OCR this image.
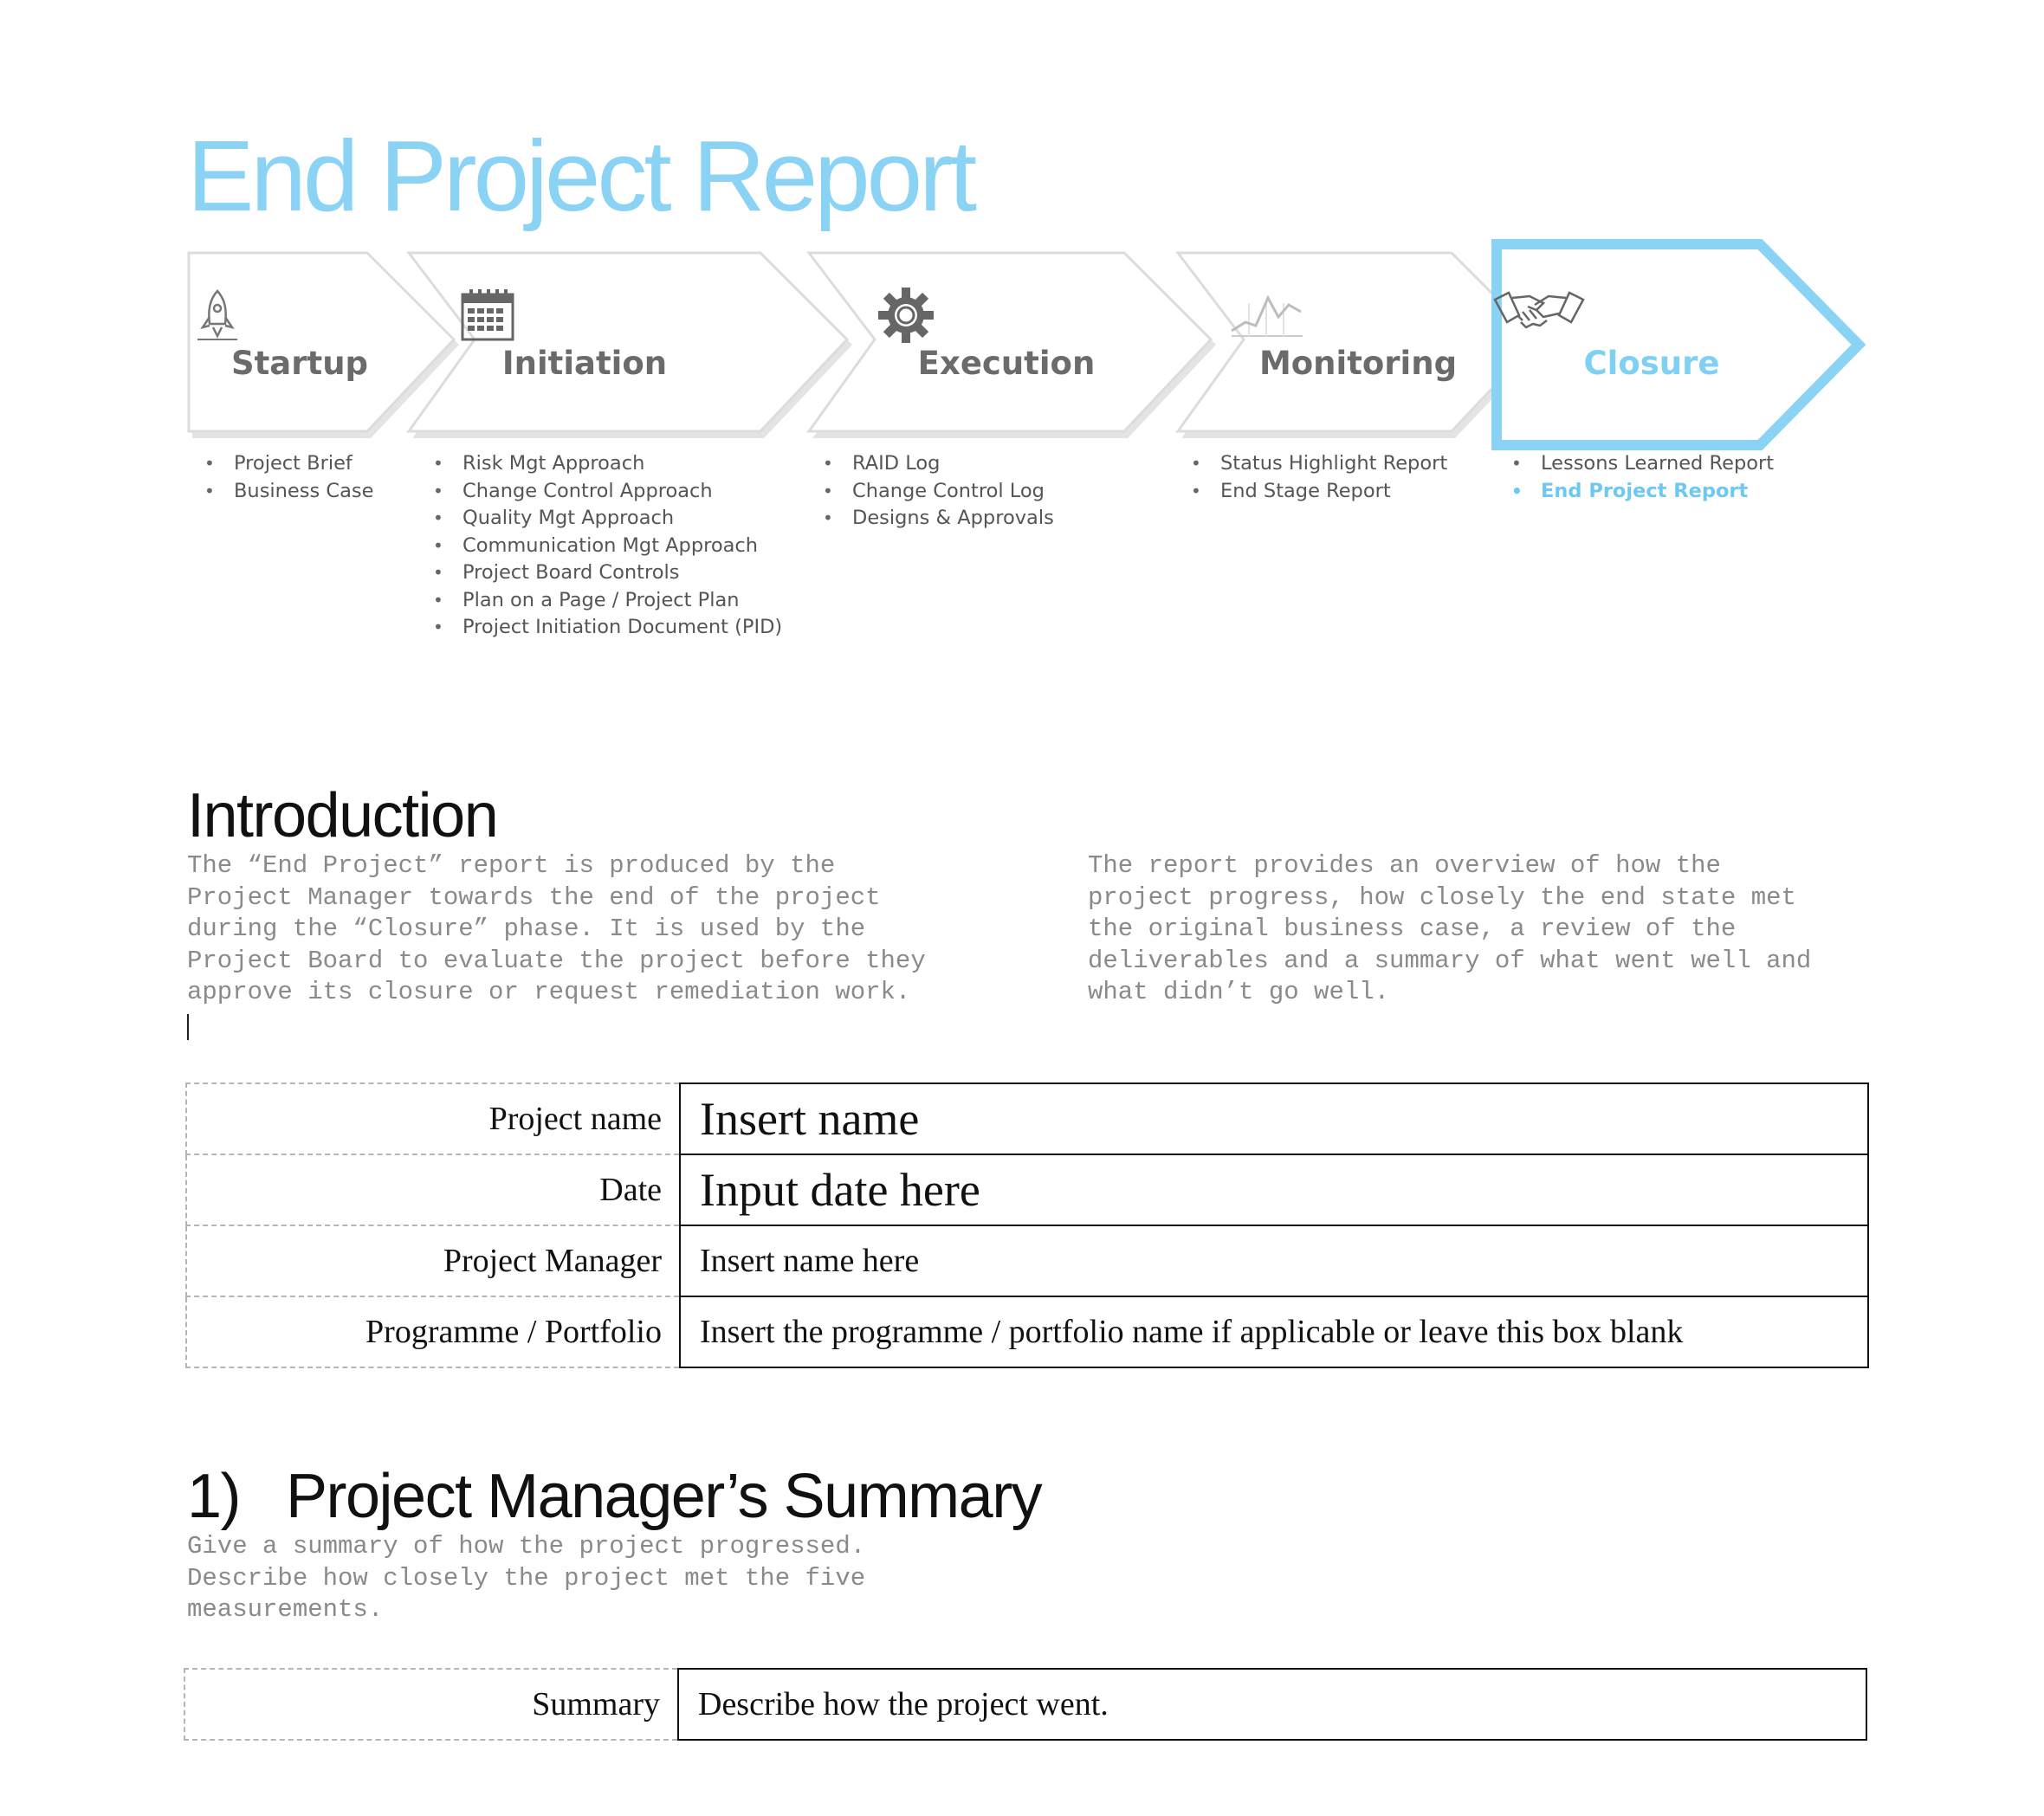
End Project Report
Startup	Initiation	Execution	Monitoring	Closure
• Project Brief
• Business Case
• Risk Mgt Approach
• Change Control Approach
• Quality Mgt Approach
• Communication Mgt Approach
• Project Board Controls
• Plan on a Page / Project Plan
• Project Initiation Document (PID)
• RAID Log
• Change Control Log
• Designs & Approvals
• Status Highlight Report
• End Stage Report
• Lessons Learned Report
• End Project Report
Introduction

The “End Project” report is produced by the
Project Manager towards the end of the project
during the “Closure” phase. It is used by the
Project Board to evaluate the project before they
approve its closure or request remediation work.

The report provides an overview of how the
project progress, how closely the end state met
the original business case, a review of the
deliverables and a summary of what went well and
what didn’t go well.

Project name	Insert name
Date	Input date here
Project Manager	Insert name here
Programme / Portfolio	Insert the programme / portfolio name if applicable or leave this box blank
1) Project Manager’s Summary

Give a summary of how the project progressed.
Describe how closely the project met the five
measurements.

Summary	Describe how the project went.
